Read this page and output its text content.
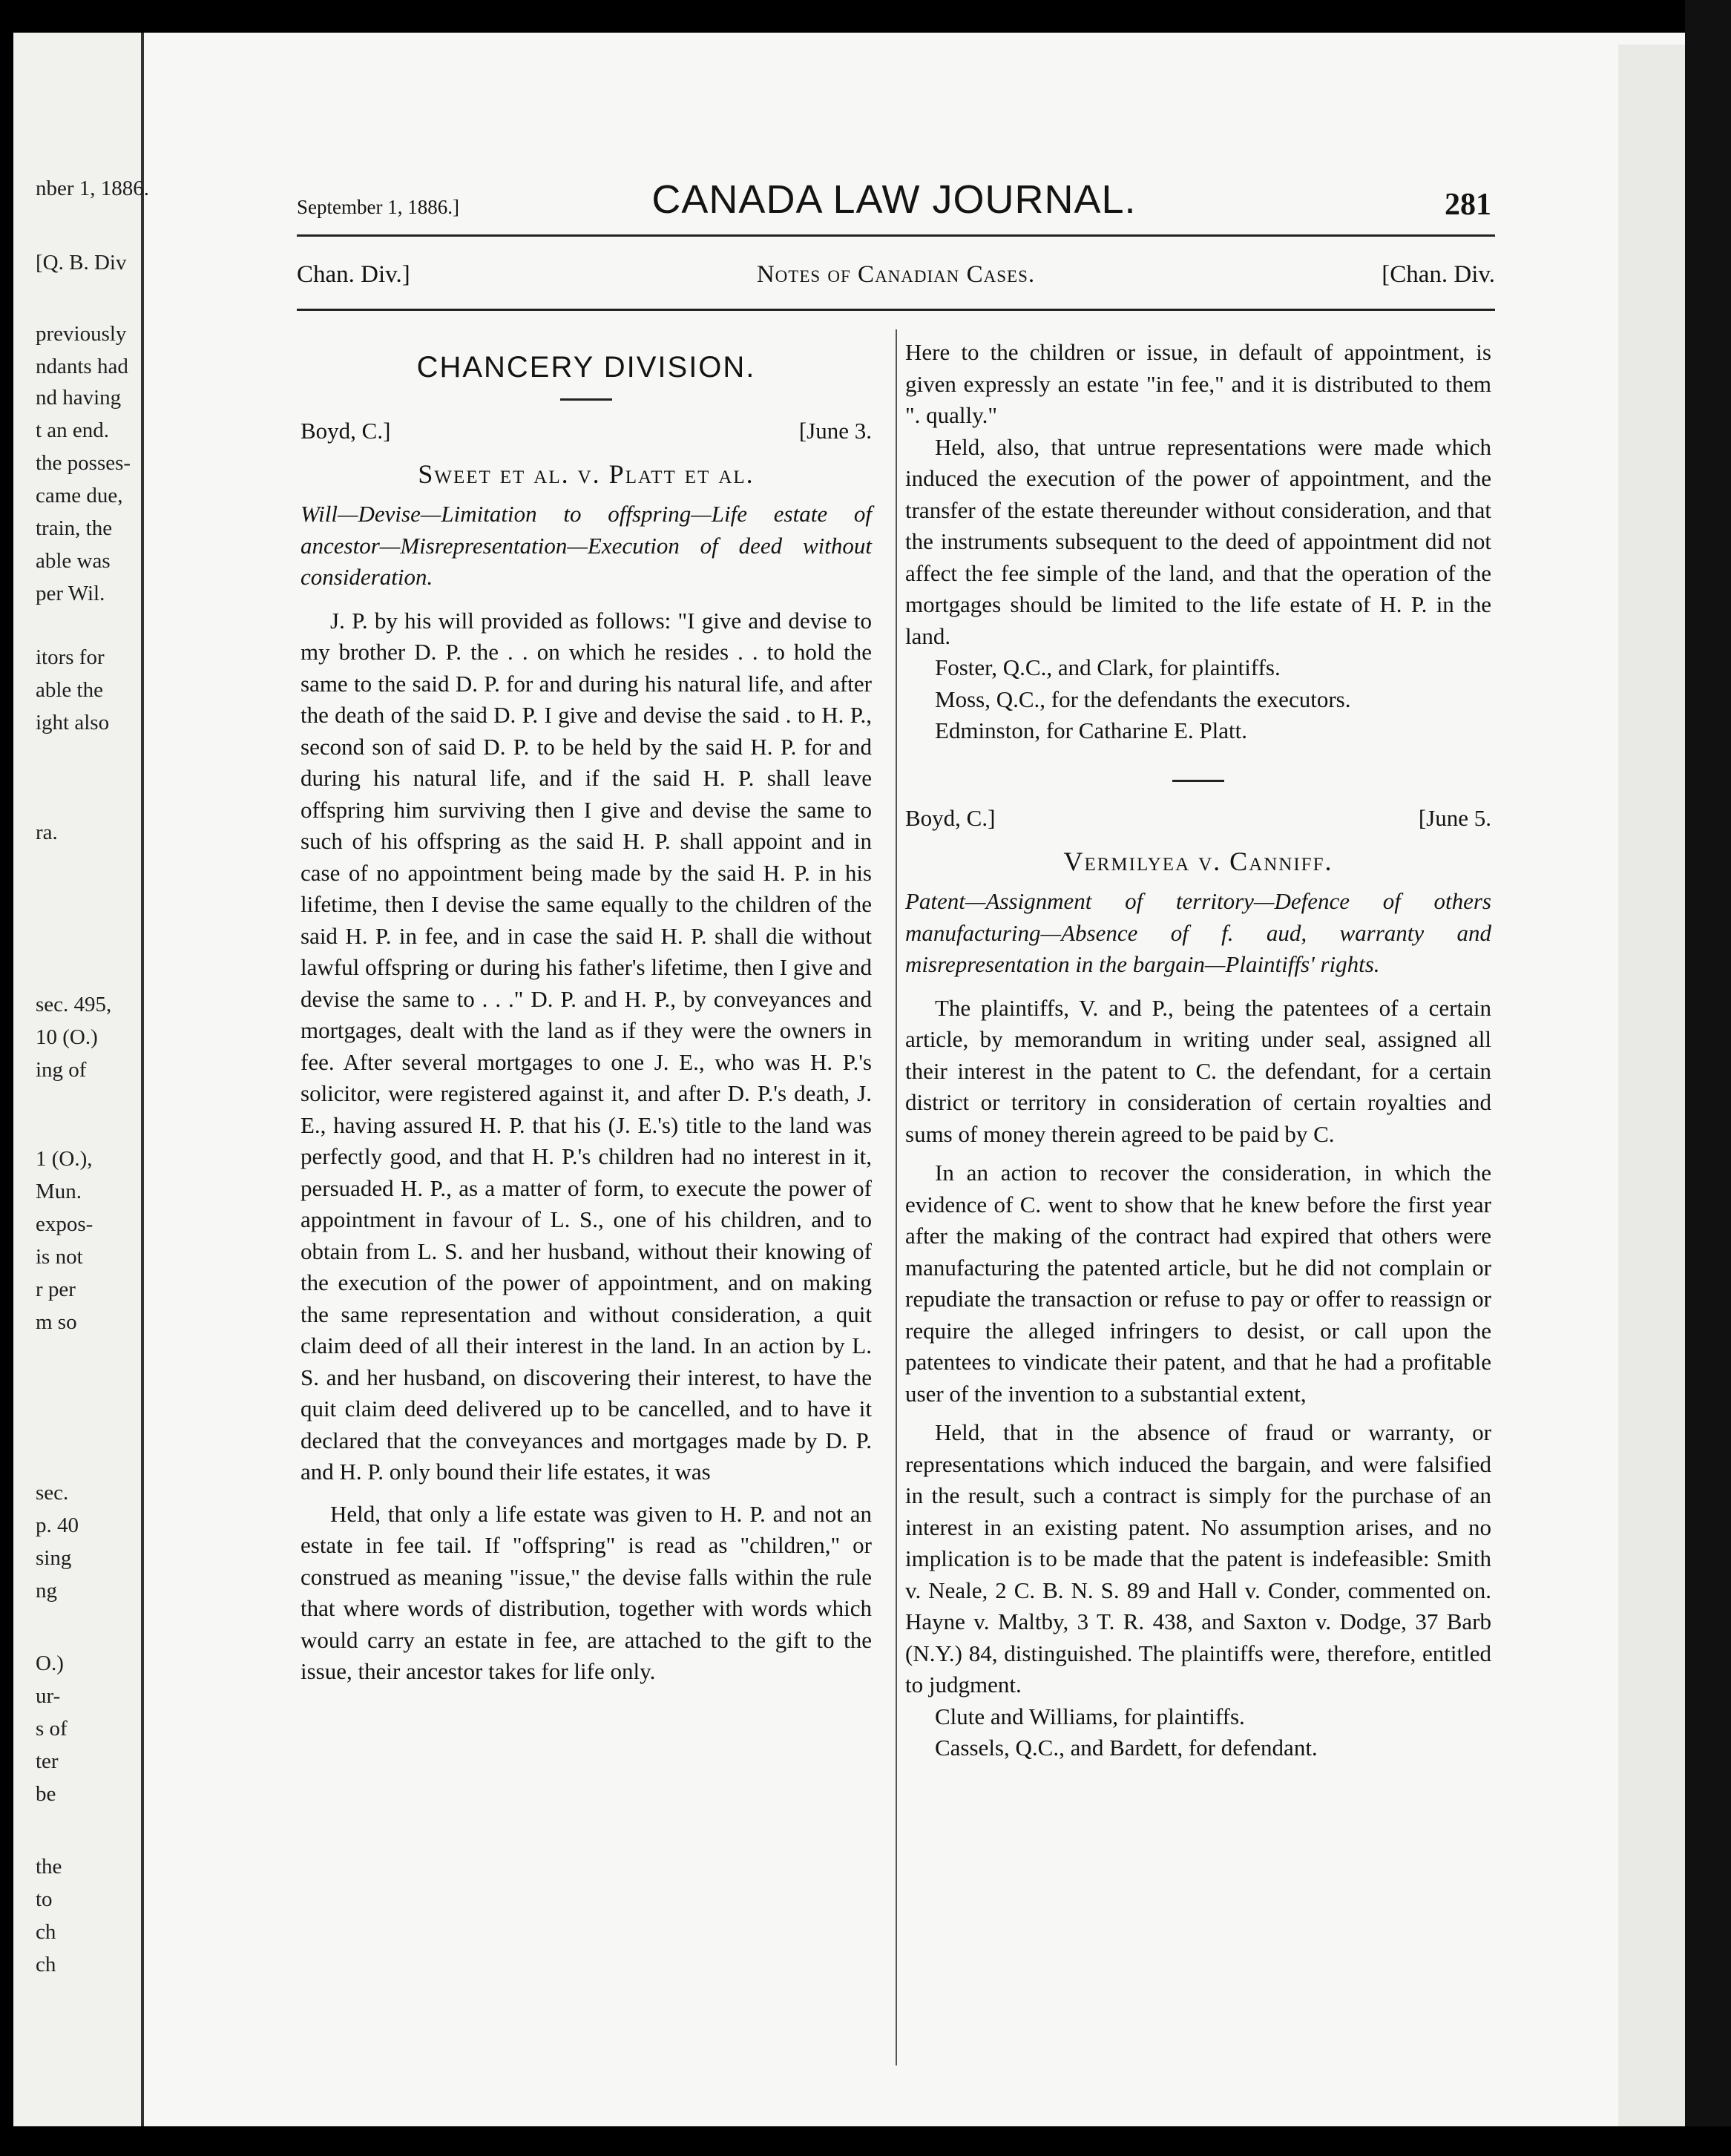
nber 1, 1886.
[Q. B. Div
previously
ndants had
nd having
t an end.
the posses-
came due,
train, the
able was
per Wil.
itors for
able the
ight also
ra.
sec. 495,
10 (O.)
ing of
1 (O.),
Mun.
expos-
is not
r per
m so
sec.
p. 40
sing
ng
O.)
ur-
s of
ter
be
the
to
ch
ch
September 1, 1886.]	CANADA LAW JOURNAL.	281
Chan. Div.]	Notes of Canadian Cases.	[Chan. Div.
CHANCERY DIVISION.
Boyd, C.]	[June 3.
Sweet et al. v. Platt et al.

Will—Devise—Limitation to offspring—Life estate of ancestor—Misrepresentation—Execution of deed without consideration.

J. P. by his will provided as follows: "I give and devise to my brother D. P. the . . on which he resides . . to hold the same to the said D. P. for and during his natural life, and after the death of the said D. P. I give and devise the said . to H. P., second son of said D. P. to be held by the said H. P. for and during his natural life, and if the said H. P. shall leave offspring him surviving then I give and devise the same to such of his offspring as the said H. P. shall appoint and in case of no appointment being made by the said H. P. in his lifetime, then I devise the same equally to the children of the said H. P. in fee, and in case the said H. P. shall die without lawful offspring or during his father's lifetime, then I give and devise the same to . . ." D. P. and H. P., by conveyances and mortgages, dealt with the land as if they were the owners in fee. After several mortgages to one J. E., who was H. P.'s solicitor, were registered against it, and after D. P.'s death, J. E., having assured H. P. that his (J. E.'s) title to the land was perfectly good, and that H. P.'s children had no interest in it, persuaded H. P., as a matter of form, to execute the power of appointment in favour of L. S., one of his children, and to obtain from L. S. and her husband, without their knowing of the execution of the power of appointment, and on making the same representation and without consideration, a quit claim deed of all their interest in the land. In an action by L. S. and her husband, on discovering their interest, to have the quit claim deed delivered up to be cancelled, and to have it declared that the conveyances and mortgages made by D. P. and H. P. only bound their life estates, it was

Held, that only a life estate was given to H. P. and not an estate in fee tail. If "offspring" is read as "children," or construed as meaning "issue," the devise falls within the rule that where words of distribution, together with words which would carry an estate in fee, are attached to the gift to the issue, their ancestor takes for life only.

Here to the children or issue, in default of appointment, is given expressly an estate "in fee," and it is distributed to them ". qually."

Held, also, that untrue representations were made which induced the execution of the power of appointment, and the transfer of the estate thereunder without consideration, and that the instruments subsequent to the deed of appointment did not affect the fee simple of the land, and that the operation of the mortgages should be limited to the life estate of H. P. in the land.

Foster, Q.C., and Clark, for plaintiffs.

Moss, Q.C., for the defendants the executors.

Edminston, for Catharine E. Platt.

Boyd, C.]	[June 5.
Vermilyea v. Canniff.

Patent—Assignment of territory—Defence of others manufacturing—Absence of f. aud, warranty and misrepresentation in the bargain—Plaintiffs' rights.

The plaintiffs, V. and P., being the patentees of a certain article, by memorandum in writing under seal, assigned all their interest in the patent to C. the defendant, for a certain district or territory in consideration of certain royalties and sums of money therein agreed to be paid by C.

In an action to recover the consideration, in which the evidence of C. went to show that he knew before the first year after the making of the contract had expired that others were manufacturing the patented article, but he did not complain or repudiate the transaction or refuse to pay or offer to reassign or require the alleged infringers to desist, or call upon the patentees to vindicate their patent, and that he had a profitable user of the invention to a substantial extent,

Held, that in the absence of fraud or warranty, or representations which induced the bargain, and were falsified in the result, such a contract is simply for the purchase of an interest in an existing patent. No assumption arises, and no implication is to be made that the patent is indefeasible: Smith v. Neale, 2 C. B. N. S. 89 and Hall v. Conder, commented on. Hayne v. Maltby, 3 T. R. 438, and Saxton v. Dodge, 37 Barb (N.Y.) 84, distinguished. The plaintiffs were, therefore, entitled to judgment.

Clute and Williams, for plaintiffs.

Cassels, Q.C., and Bardett, for defendant.
